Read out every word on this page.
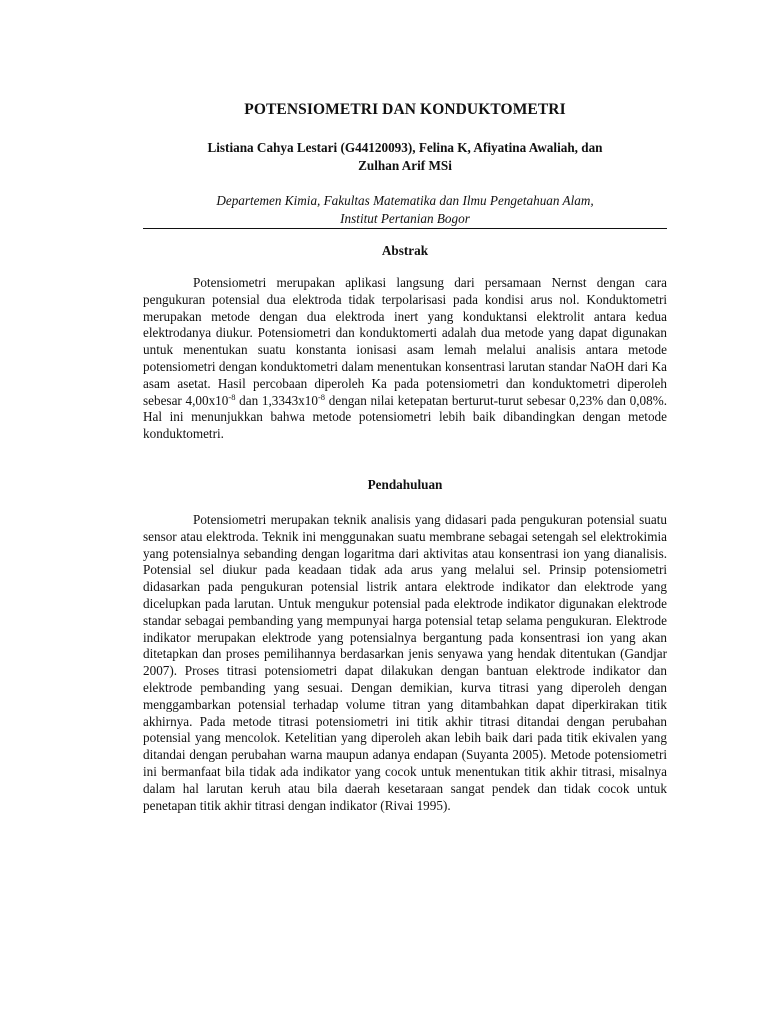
POTENSIOMETRI DAN KONDUKTOMETRI
Listiana Cahya Lestari (G44120093), Felina K, Afiyatina Awaliah, dan
Zulhan Arif MSi
Departemen Kimia, Fakultas Matematika dan Ilmu Pengetahuan Alam,
Institut Pertanian Bogor
Abstrak

Potensiometri merupakan aplikasi langsung dari persamaan Nernst dengan cara pengukuran potensial dua elektroda tidak terpolarisasi pada kondisi arus nol. Konduktometri merupakan metode dengan dua elektroda inert yang konduktansi elektrolit antara kedua elektrodanya diukur. Potensiometri dan konduktomerti adalah dua metode yang dapat digunakan untuk menentukan suatu konstanta ionisasi asam lemah melalui analisis antara metode potensiometri dengan konduktometri dalam menentukan konsentrasi larutan standar NaOH dari Ka asam asetat. Hasil percobaan diperoleh Ka pada potensiometri dan konduktometri diperoleh sebesar $4,00x10^{-8}$ dan $1,3343x10^{-8}$ dengan nilai ketepatan berturut-turut sebesar 0,23% dan 0,08%. Hal ini menunjukkan bahwa metode potensiometri lebih baik dibandingkan dengan metode konduktometri.

Pendahuluan

Potensiometri merupakan teknik analisis yang didasari pada pengukuran potensial suatu sensor atau elektroda. Teknik ini menggunakan suatu membrane sebagai setengah sel elektrokimia yang potensialnya sebanding dengan logaritma dari aktivitas atau konsentrasi ion yang dianalisis. Potensial sel diukur pada keadaan tidak ada arus yang melalui sel. Prinsip potensiometri didasarkan pada pengukuran potensial listrik antara elektrode indikator dan elektrode yang dicelupkan pada larutan. Untuk mengukur potensial pada elektrode indikator digunakan elektrode standar sebagai pembanding yang mempunyai harga potensial tetap selama pengukuran. Elektrode indikator merupakan elektrode yang potensialnya bergantung pada konsentrasi ion yang akan ditetapkan dan proses pemilihannya berdasarkan jenis senyawa yang hendak ditentukan (Gandjar 2007). Proses titrasi potensiometri dapat dilakukan dengan bantuan elektrode indikator dan elektrode pembanding yang sesuai. Dengan demikian, kurva titrasi yang diperoleh dengan menggambarkan potensial terhadap volume titran yang ditambahkan dapat diperkirakan titik akhirnya. Pada metode titrasi potensiometri ini titik akhir titrasi ditandai dengan perubahan potensial yang mencolok. Ketelitian yang diperoleh akan lebih baik dari pada titik ekivalen yang ditandai dengan perubahan warna maupun adanya endapan (Suyanta 2005). Metode potensiometri ini bermanfaat bila tidak ada indikator yang cocok untuk menentukan titik akhir titrasi, misalnya dalam hal larutan keruh atau bila daerah kesetaraan sangat pendek dan tidak cocok untuk penetapan titik akhir titrasi dengan indikator (Rivai 1995).
